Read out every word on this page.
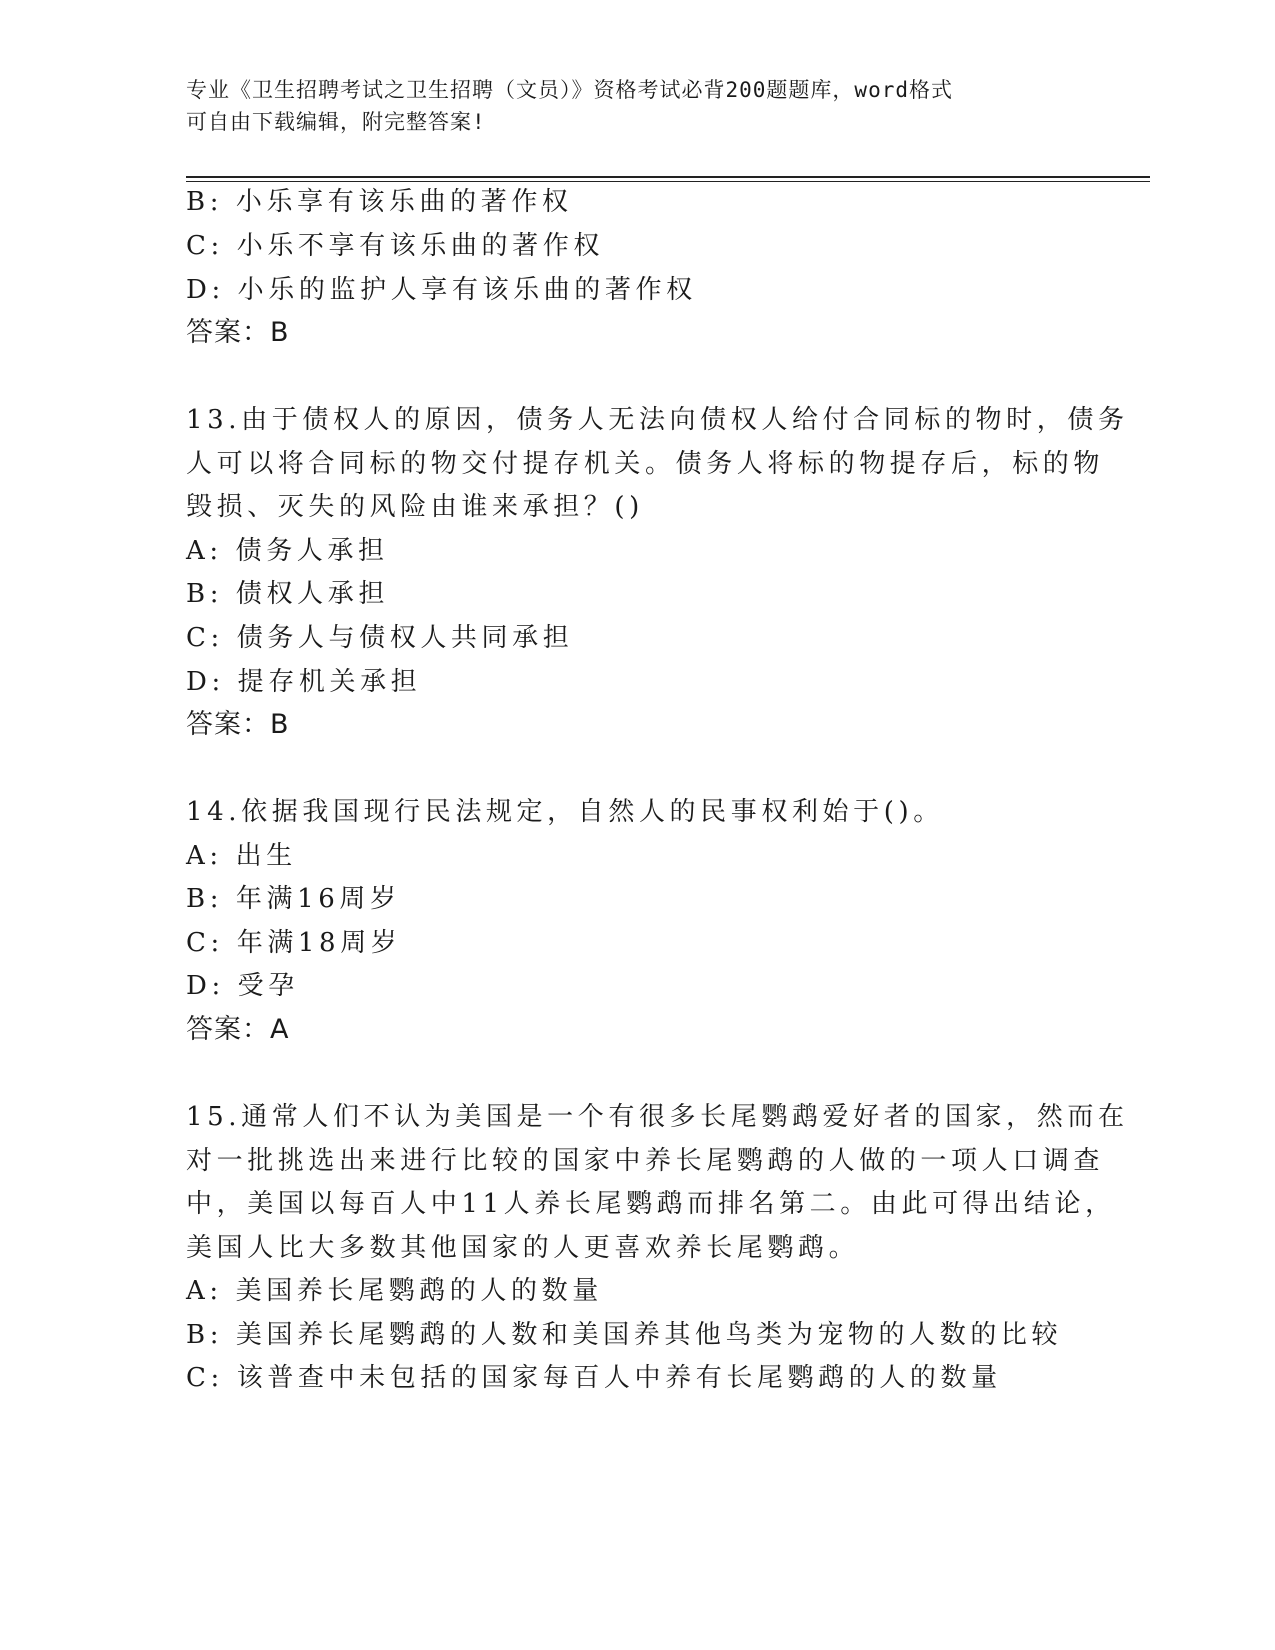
专业《卫生招聘考试之卫生招聘（文员）》资格考试必背200题题库，word格式
可自由下载编辑，附完整答案!
B: 小乐享有该乐曲的著作权
C: 小乐不享有该乐曲的著作权
D: 小乐的监护人享有该乐曲的著作权
答案：B
13.由于债权人的原因，债务人无法向债权人给付合同标的物时，债务
人可以将合同标的物交付提存机关。债务人将标的物提存后，标的物
毁损、灭失的风险由谁来承担？()
A: 债务人承担
B: 债权人承担
C: 债务人与债权人共同承担
D: 提存机关承担
答案：B
14.依据我国现行民法规定，自然人的民事权利始于()。
A: 出生
B: 年满16周岁
C: 年满18周岁
D: 受孕
答案：A
15.通常人们不认为美国是一个有很多长尾鹦鹉爱好者的国家，然而在
对一批挑选出来进行比较的国家中养长尾鹦鹉的人做的一项人口调查
中，美国以每百人中11人养长尾鹦鹉而排名第二。由此可得出结论，
美国人比大多数其他国家的人更喜欢养长尾鹦鹉。
A: 美国养长尾鹦鹉的人的数量
B: 美国养长尾鹦鹉的人数和美国养其他鸟类为宠物的人数的比较
C: 该普查中未包括的国家每百人中养有长尾鹦鹉的人的数量
